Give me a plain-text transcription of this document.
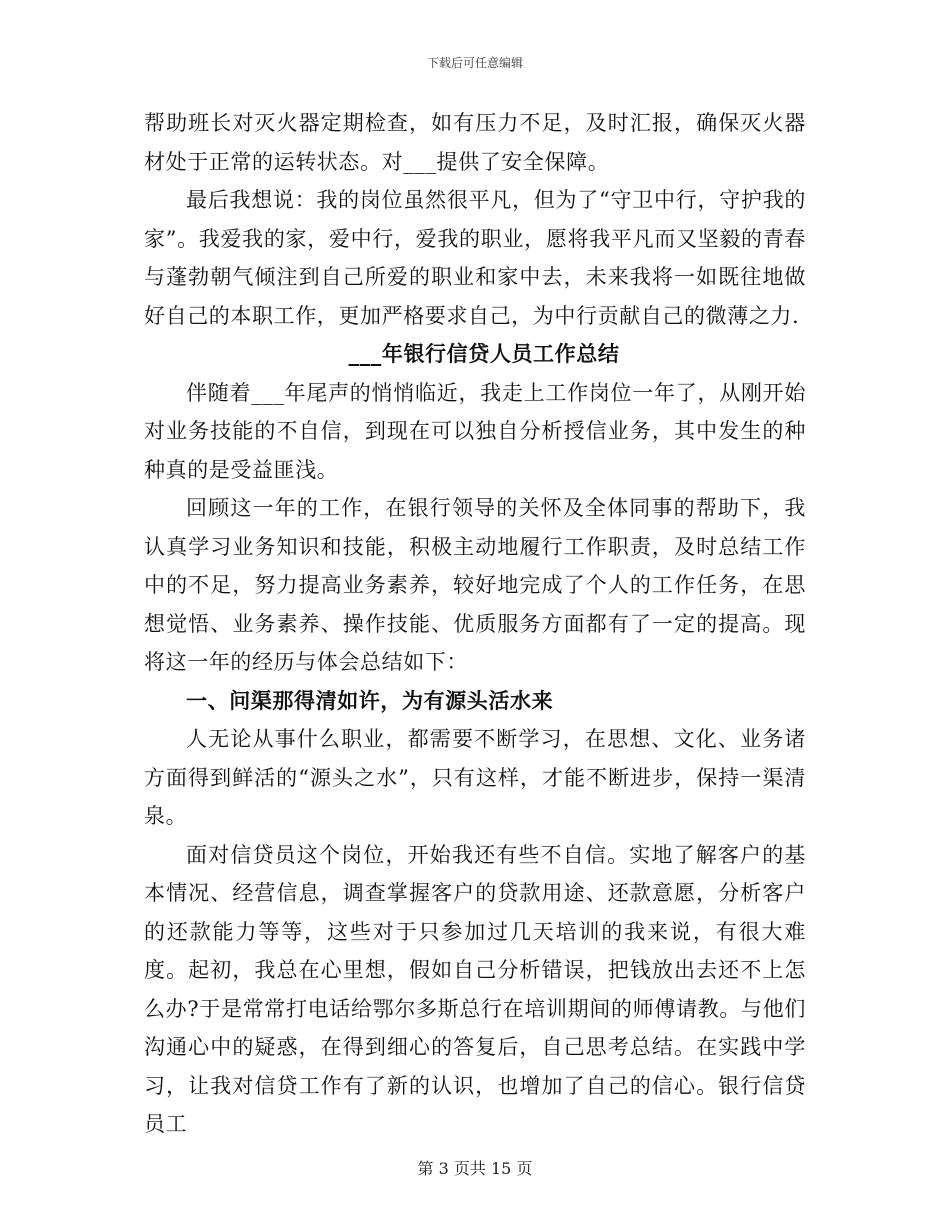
下载后可任意编辑

帮助班长对灭火器定期检查，如有压力不足，及时汇报，确保灭火器材处于正常的运转状态。对___提供了安全保障。

最后我想说：我的岗位虽然很平凡，但为了“守卫中行，守护我的家”。我爱我的家，爱中行，爱我的职业，愿将我平凡而又坚毅的青春与蓬勃朝气倾注到自己所爱的职业和家中去，未来我将一如既往地做好自己的本职工作，更加严格要求自己，为中行贡献自己的微薄之力.

___年银行信贷人员工作总结

伴随着___年尾声的悄悄临近，我走上工作岗位一年了，从刚开始对业务技能的不自信，到现在可以独自分析授信业务，其中发生的种种真的是受益匪浅。

回顾这一年的工作，在银行领导的关怀及全体同事的帮助下，我认真学习业务知识和技能，积极主动地履行工作职责，及时总结工作中的不足，努力提高业务素养，较好地完成了个人的工作任务，在思想觉悟、业务素养、操作技能、优质服务方面都有了一定的提高。现将这一年的经历与体会总结如下：

一、问渠那得清如许，为有源头活水来

人无论从事什么职业，都需要不断学习，在思想、文化、业务诸方面得到鲜活的“源头之水”，只有这样，才能不断进步，保持一渠清泉。

面对信贷员这个岗位，开始我还有些不自信。实地了解客户的基本情况、经营信息，调查掌握客户的贷款用途、还款意愿，分析客户的还款能力等等，这些对于只参加过几天培训的我来说，有很大难度。起初，我总在心里想，假如自己分析错误，把钱放出去还不上怎么办?于是常常打电话给鄂尔多斯总行在培训期间的师傅请教。与他们沟通心中的疑惑，在得到细心的答复后，自己思考总结。在实践中学习，让我对信贷工作有了新的认识，也增加了自己的信心。银行信贷员工

第 3 页共 15 页
